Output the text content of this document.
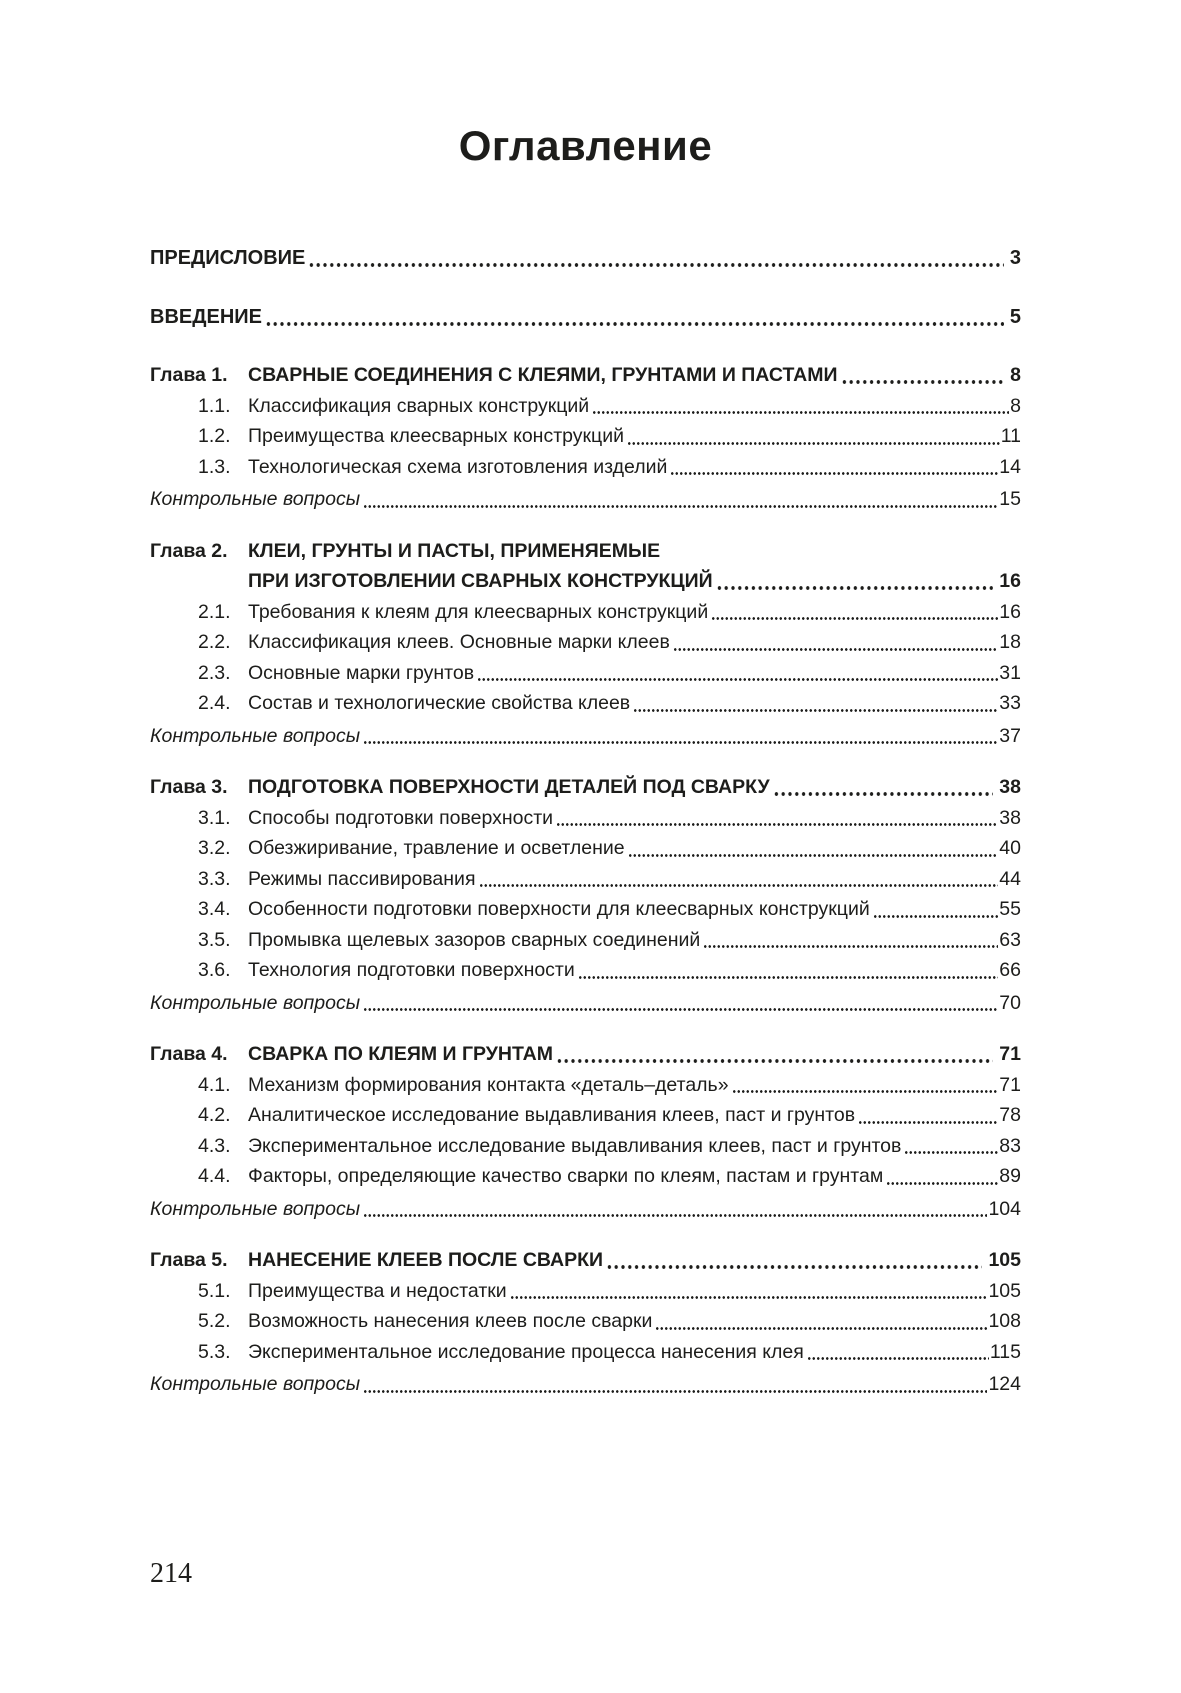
Оглавление
ПРЕДИСЛОВИЕ	3
ВВЕДЕНИЕ	5
Глава 1.	СВАРНЫЕ СОЕДИНЕНИЯ С КЛЕЯМИ, ГРУНТАМИ И ПАСТАМИ	8
1.1. Классификация сварных конструкций	8
1.2. Преимущества клеесварных конструкций	11
1.3. Технологическая схема изготовления изделий	14
Контрольные вопросы	15
Глава 2.	КЛЕИ, ГРУНТЫ И ПАСТЫ, ПРИМЕНЯЕМЫЕ
ПРИ ИЗГОТОВЛЕНИИ СВАРНЫХ КОНСТРУКЦИЙ	16
2.1. Требования к клеям для клеесварных конструкций	16
2.2. Классификация клеев. Основные марки клеев	18
2.3. Основные марки грунтов	31
2.4. Состав и технологические свойства клеев	33
Контрольные вопросы	37
Глава 3.	ПОДГОТОВКА ПОВЕРХНОСТИ ДЕТАЛЕЙ ПОД СВАРКУ	38
3.1. Способы подготовки поверхности	38
3.2. Обезжиривание, травление и осветление	40
3.3. Режимы пассивирования	44
3.4. Особенности подготовки поверхности для клеесварных конструкций	55
3.5. Промывка щелевых зазоров сварных соединений	63
3.6. Технология подготовки поверхности	66
Контрольные вопросы	70
Глава 4.	СВАРКА ПО КЛЕЯМ И ГРУНТАМ	71
4.1. Механизм формирования контакта «деталь–деталь»	71
4.2. Аналитическое исследование выдавливания клеев, паст и грунтов	78
4.3. Экспериментальное исследование выдавливания клеев, паст и грунтов	83
4.4. Факторы, определяющие качество сварки по клеям, пастам и грунтам	89
Контрольные вопросы	104
Глава 5.	НАНЕСЕНИЕ КЛЕЕВ ПОСЛЕ СВАРКИ	105
5.1. Преимущества и недостатки	105
5.2. Возможность нанесения клеев после сварки	108
5.3. Экспериментальное исследование процесса нанесения клея	115
Контрольные вопросы	124
214
